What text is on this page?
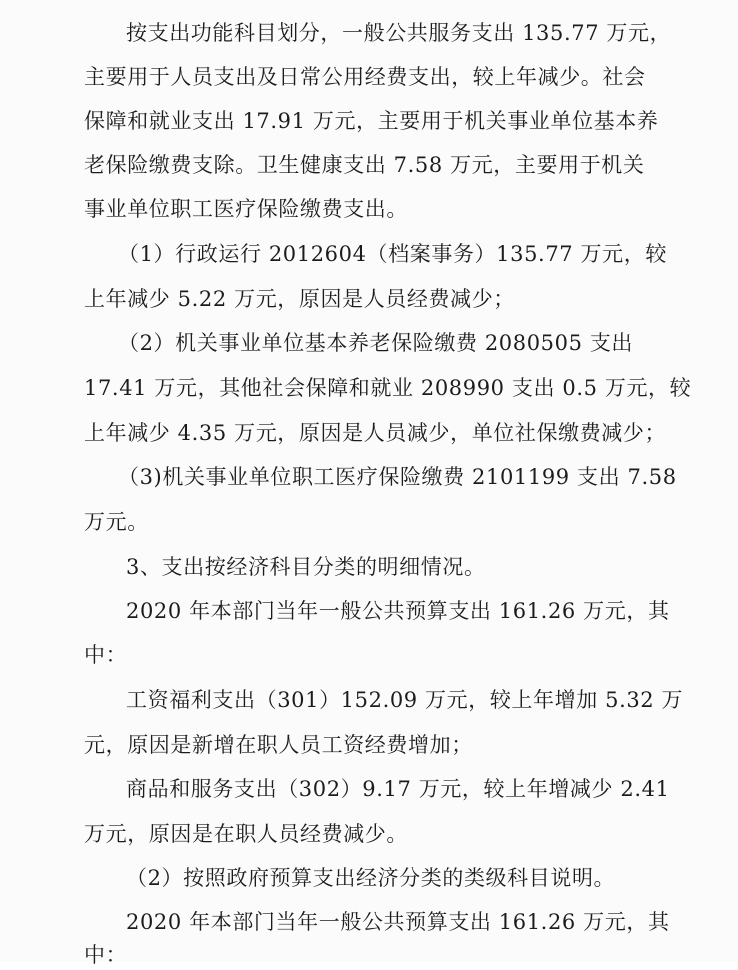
按支出功能科目划分，一般公共服务支出 135.77 万元，
主要用于人员支出及日常公用经费支出，较上年减少。社会
保障和就业支出 17.91 万元，主要用于机关事业单位基本养
老保险缴费支除。卫生健康支出 7.58 万元，主要用于机关
事业单位职工医疗保险缴费支出。
（1）行政运行 2012604（档案事务）135.77 万元，较
上年减少 5.22 万元，原因是人员经费减少；
（2）机关事业单位基本养老保险缴费 2080505 支出
17.41 万元，其他社会保障和就业 208990 支出 0.5 万元，较
上年减少 4.35 万元，原因是人员减少，单位社保缴费减少；
（3)机关事业单位职工医疗保险缴费 2101199 支出 7.58
万元。
3、支出按经济科目分类的明细情况。
2020 年本部门当年一般公共预算支出 161.26 万元，其
中：
工资福利支出（301）152.09 万元，较上年增加 5.32 万
元，原因是新增在职人员工资经费增加；
商品和服务支出（302）9.17 万元，较上年增减少 2.41
万元，原因是在职人员经费减少。
（2）按照政府预算支出经济分类的类级科目说明。
2020 年本部门当年一般公共预算支出 161.26 万元，其
中：
